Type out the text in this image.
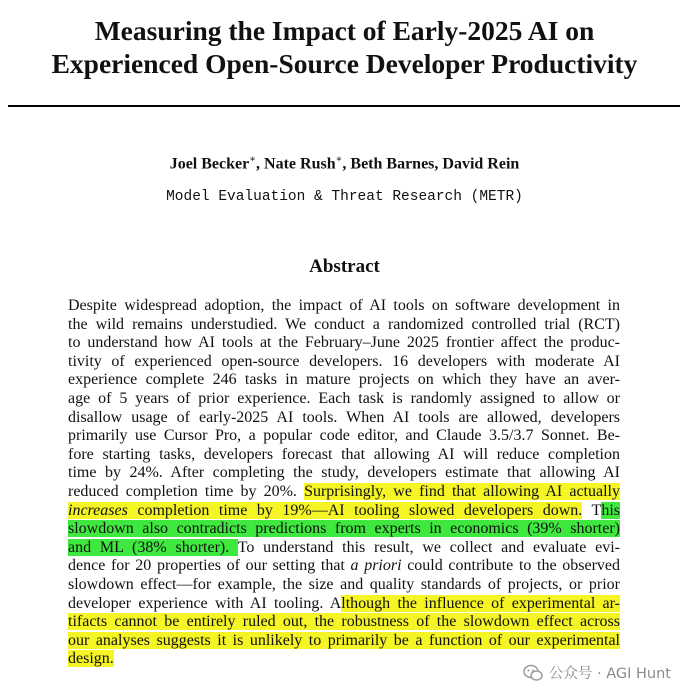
Measuring the Impact of Early-2025 AI on
Experienced Open-Source Developer Productivity
Joel Becker∗, Nate Rush∗, Beth Barnes, David Rein
Model Evaluation & Threat Research (METR)
Abstract
Despite widespread adoption, the impact of AI tools on software development in
the wild remains understudied. We conduct a randomized controlled trial (RCT)
to understand how AI tools at the February–June 2025 frontier affect the produc-
tivity of experienced open-source developers. 16 developers with moderate AI
experience complete 246 tasks in mature projects on which they have an aver-
age of 5 years of prior experience. Each task is randomly assigned to allow or
disallow usage of early-2025 AI tools. When AI tools are allowed, developers
primarily use Cursor Pro, a popular code editor, and Claude 3.5/3.7 Sonnet. Be-
fore starting tasks, developers forecast that allowing AI will reduce completion
time by 24%. After completing the study, developers estimate that allowing AI
reduced completion time by 20%. Surprisingly, we find that allowing AI actually
increases completion time by 19%—AI tooling slowed developers down. This
slowdown also contradicts predictions from experts in economics (39% shorter)
and ML (38% shorter). To understand this result, we collect and evaluate evi-
dence for 20 properties of our setting that a priori could contribute to the observed
slowdown effect—for example, the size and quality standards of projects, or prior
developer experience with AI tooling. Although the influence of experimental ar-
tifacts cannot be entirely ruled out, the robustness of the slowdown effect across
our analyses suggests it is unlikely to primarily be a function of our experimental
design.
公众号 · AGI Hunt
